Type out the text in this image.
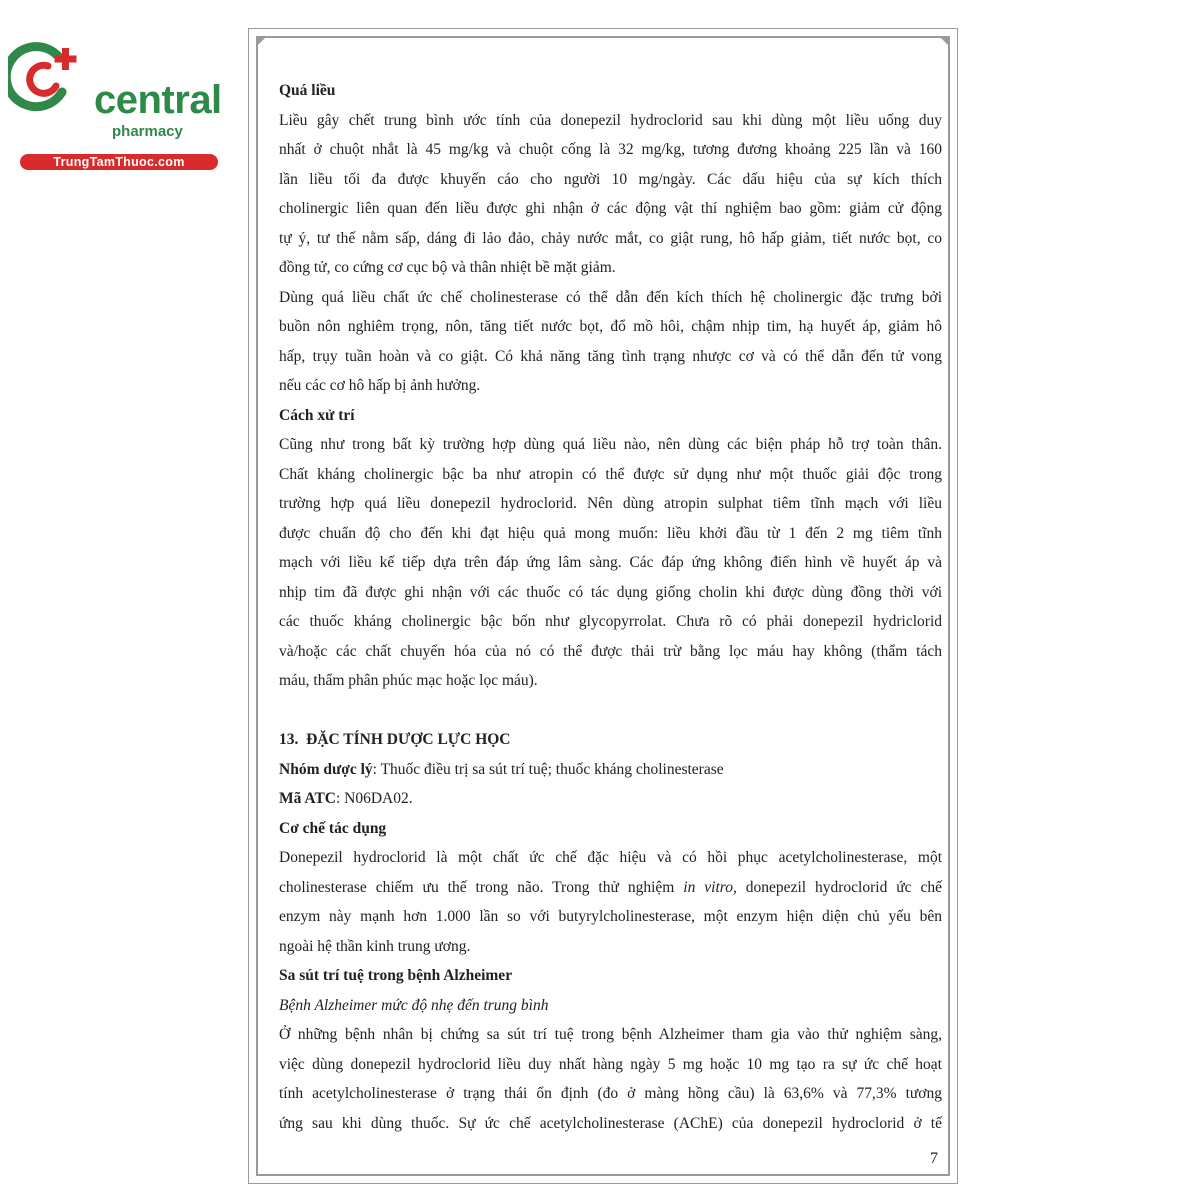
central
pharmacy
TrungTamThuoc.com
Quá liều
Liều gây chết trung bình ước tính của donepezil hydroclorid sau khi dùng một liều uống duy
nhất ở chuột nhắt là 45 mg/kg và chuột cống là 32 mg/kg, tương đương khoảng 225 lần và 160
lần liều tối đa được khuyến cáo cho người 10 mg/ngày. Các dấu hiệu của sự kích thích
cholinergic liên quan đến liều được ghi nhận ở các động vật thí nghiệm bao gồm: giảm cử động
tự ý, tư thế nằm sấp, dáng đi lảo đảo, chảy nước mắt, co giật rung, hô hấp giảm, tiết nước bọt, co
đồng tử, co cứng cơ cục bộ và thân nhiệt bề mặt giảm.
Dùng quá liều chất ức chế cholinesterase có thể dẫn đến kích thích hệ cholinergic đặc trưng bởi
buồn nôn nghiêm trọng, nôn, tăng tiết nước bọt, đổ mồ hôi, chậm nhịp tim, hạ huyết áp, giảm hô
hấp, trụy tuần hoàn và co giật. Có khả năng tăng tình trạng nhược cơ và có thể dẫn đến tử vong
nếu các cơ hô hấp bị ảnh hưởng.
Cách xử trí
Cũng như trong bất kỳ trường hợp dùng quá liều nào, nên dùng các biện pháp hỗ trợ toàn thân.
Chất kháng cholinergic bậc ba như atropin có thể được sử dụng như một thuốc giải độc trong
trường hợp quá liều donepezil hydroclorid. Nên dùng atropin sulphat tiêm tĩnh mạch với liều
được chuẩn độ cho đến khi đạt hiệu quả mong muốn: liều khởi đầu từ 1 đến 2 mg tiêm tĩnh
mạch với liều kế tiếp dựa trên đáp ứng lâm sàng. Các đáp ứng không điển hình về huyết áp và
nhịp tim đã được ghi nhận với các thuốc có tác dụng giống cholin khi được dùng đồng thời với
các thuốc kháng cholinergic bậc bốn như glycopyrrolat. Chưa rõ có phải donepezil hydriclorid
và/hoặc các chất chuyển hóa của nó có thể được thải trừ bằng lọc máu hay không (thẩm tách
máu, thẩm phân phúc mạc hoặc lọc máu).
13. ĐẶC TÍNH DƯỢC LỰC HỌC
Nhóm dược lý: Thuốc điều trị sa sút trí tuệ; thuốc kháng cholinesterase
Mã ATC: N06DA02.
Cơ chế tác dụng
Donepezil hydroclorid là một chất ức chế đặc hiệu và có hồi phục acetylcholinesterase, một
cholinesterase chiếm ưu thế trong não. Trong thử nghiệm in vitro, donepezil hydroclorid ức chế
enzym này mạnh hơn 1.000 lần so với butyrylcholinesterase, một enzym hiện diện chủ yếu bên
ngoài hệ thần kinh trung ương.
Sa sút trí tuệ trong bệnh Alzheimer
Bệnh Alzheimer mức độ nhẹ đến trung bình
Ở những bệnh nhân bị chứng sa sút trí tuệ trong bệnh Alzheimer tham gia vào thử nghiệm sàng,
việc dùng donepezil hydroclorid liều duy nhất hàng ngày 5 mg hoặc 10 mg tạo ra sự ức chế hoạt
tính acetylcholinesterase ở trạng thái ổn định (đo ở màng hồng cầu) là 63,6% và 77,3% tương
ứng sau khi dùng thuốc. Sự ức chế acetylcholinesterase (AChE) của donepezil hydroclorid ở tế
7
